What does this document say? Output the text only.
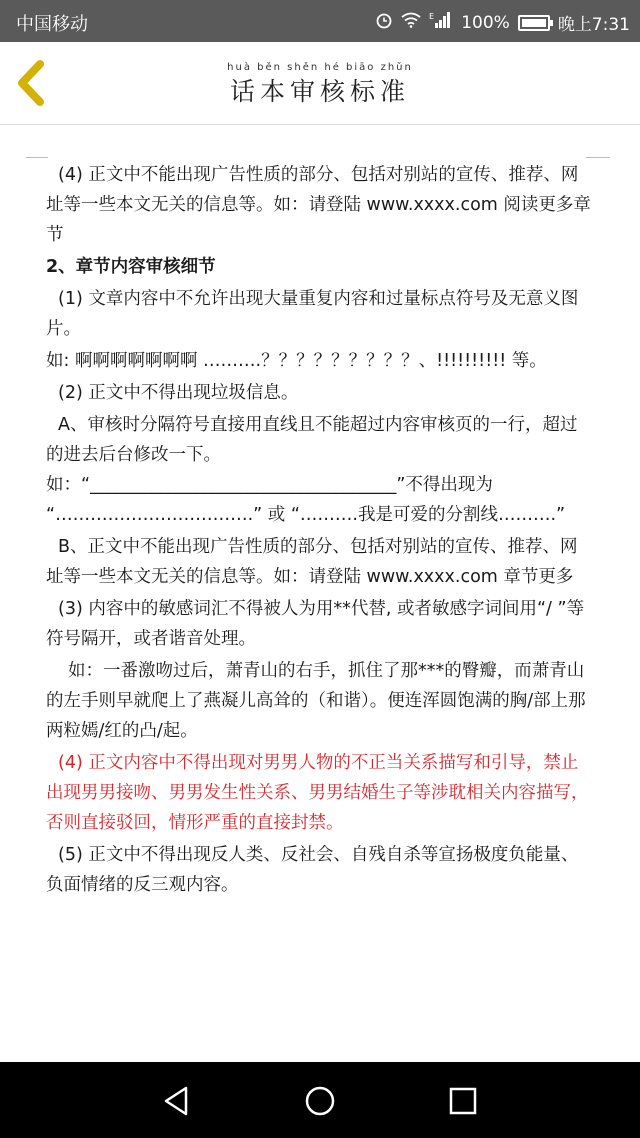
中国移动	E 100%	晚上7:31
huà běn shěn hé biāo zhǔn
话本审核标准

(4) 正文中不能出现广告性质的部分、包括对别站的宣传、推荐、网址等一些本文无关的信息等。如：请登陆 www.xxxx.com 阅读更多章节

2、章节内容审核细节

(1) 文章内容中不允许出现大量重复内容和过量标点符号及无意义图片。

如: 啊啊啊啊啊啊啊 ……….？？？？？？？？？、!!!!!!!!!! 等。

(2) 正文中不得出现垃圾信息。

A、审核时分隔符号直接用直线且不能超过内容审核页的一行，超过的进去后台修改一下。如：“___________________________________”不得出现为 “…………………………….” 或 “……….我是可爱的分割线……….”

B、正文中不能出现广告性质的部分、包括对别站的宣传、推荐、网址等一些本文无关的信息等。如：请登陆 www.xxxx.com 章节更多

(3) 内容中的敏感词汇不得被人为用**代替, 或者敏感字词间用“/ ”等符号隔开，或者谐音处理。

如：一番激吻过后，萧青山的右手，抓住了那***的臀瓣，而萧青山的左手则早就爬上了燕凝儿高耸的（和谐）。便连浑圆饱满的胸/部上那两粒嫣/红的凸/起。

(4) 正文内容中不得出现对男男人物的不正当关系描写和引导，禁止出现男男接吻、男男发生性关系、男男结婚生子等涉耽相关内容描写，否则直接驳回，情形严重的直接封禁。

(5) 正文中不得出现反人类、反社会、自残自杀等宣扬极度负能量、负面情绪的反三观内容。
